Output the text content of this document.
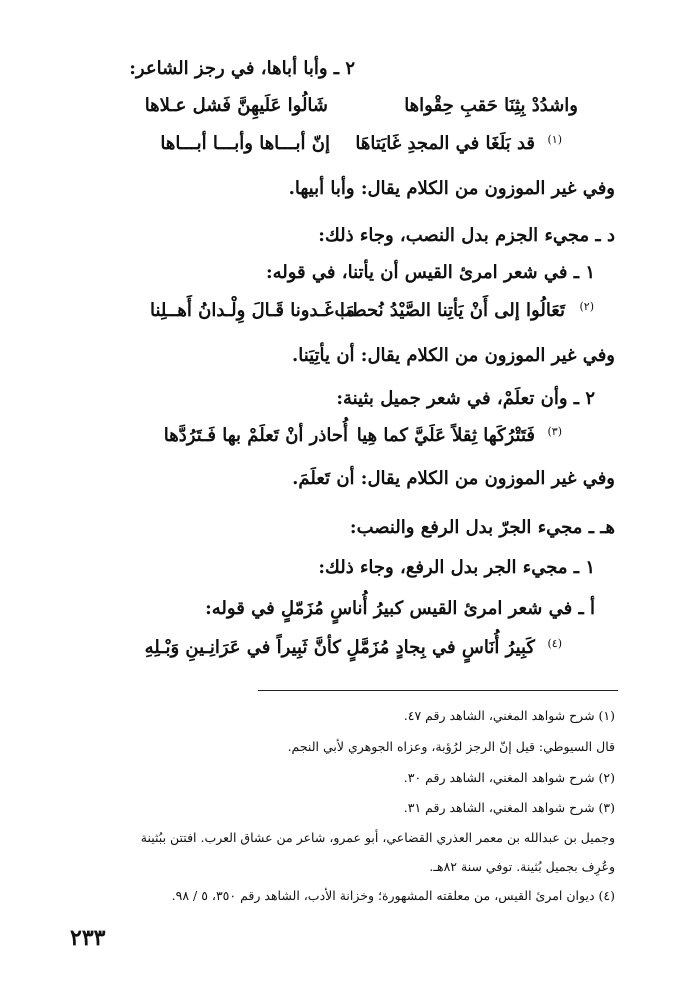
٢ ـ وأبا أباها، في رجز الشاعر:
شَالُوا عَلَيهِنَّ فَشل عـلاها	واشدُدْ بِثِنَا حَقبِ حِقْواها
إنّ أبـــاها وأبـــا أبـــاها قد بَلَغَا في المجدِ غَايَتاهَا (١)
وفي غير الموزون من الكلام يقال: وأبا أبيها.
د ـ مجيء الجزم بدل النصب، وجاء ذلك:
١ ـ في شعر امرئ القيس أن يأتنا، في قوله:
مَا غَـدونا قَـالَ وِلْـدانُ أَهــلِنا
تَعَالُوا إلى أَنْ يَأتِنا الصَّيْدُ نُحطب (٢)
وفي غير الموزون من الكلام يقال: أن يأتِيَنا.
٢ ـ وأن تعلَمْ، في شعر جميل بثينة:
أُحاذر أنْ تَعلَمْ بها فَـتَرُدَّها فَتَتْرُكَها ثِقلاً عَلَيَّ كما هِيا (٣)
وفي غير الموزون من الكلام يقال: أن تَعلَمَ.
هـ ـ مجيء الجرّ بدل الرفع والنصب:
١ ـ مجيء الجر بدل الرفع، وجاء ذلك:
أ ـ في شعر امرئ القيس كبيرُ أُناسٍ مُزَمّلٍ في قوله:
كأنَّ ثَبِيراً في عَرَانِـينِ وَبْـلِهِ كَبِيرُ أُنَاسٍ في بِجادٍ مُزَمَّلٍ (٤)
(١) شرح شواهد المغني، الشاهد رقم ٤٧.
قال السيوطي: قيل إنّ الرجز لرُؤبة، وعزاه الجوهري لأبي النجم.
(٢) شرح شواهد المغني، الشاهد رقم ٣٠.
(٣) شرح شواهد المغني، الشاهد رقم ٣١.
وجميل بن عبدالله بن معمر العذري القضاعي، أبو عمرو، شاعر من عشاق العرب. افتتن ببُثينة
وعُرِف بجميل بُثينة. توفي سنة ٨٢هـ.
(٤) ديوان امرئ القيس، من معلقته المشهورة؛ وخزانة الأدب، الشاهد رقم ٣٥٠، ٥ / ٩٨.
٢٣٣
